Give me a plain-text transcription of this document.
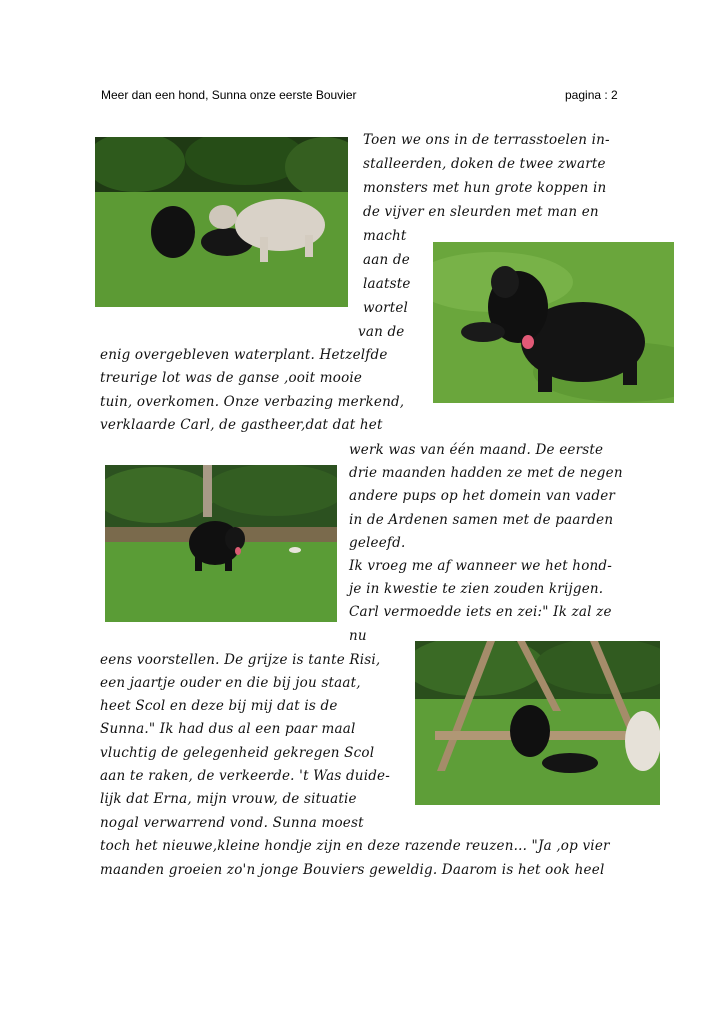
Meer dan een hond, Sunna onze eerste Bouvier	pagina : 2
Toen we ons in de terrasstoelen in-
stalleerden, doken de twee zwarte
monsters met hun grote koppen in
de vijver en sleurden met man en
macht
aan de
laatste
wortel
van de
enig overgebleven waterplant. Hetzelfde
treurige lot was de ganse ,ooit mooie
tuin, overkomen. Onze verbazing merkend,
verklaarde Carl, de gastheer,dat dat het
werk was van één maand. De eerste
drie maanden hadden ze met de negen
andere pups op het domein van vader
in de Ardenen samen met de paarden
geleefd.
Ik vroeg me af wanneer we het hond-
je in kwestie te zien zouden krijgen.
Carl vermoedde iets en zei:" Ik zal ze
nu
eens voorstellen. De grijze is tante Risi,
een jaartje ouder en die bij jou staat,
heet Scol en deze bij mij dat is de
Sunna." Ik had dus al een paar maal
vluchtig de gelegenheid gekregen Scol
aan te raken, de verkeerde. 't Was duide-
lijk dat Erna, mijn vrouw, de situatie
nogal verwarrend vond. Sunna moest
toch het nieuwe,kleine hondje zijn en deze razende reuzen... "Ja ,op vier
maanden groeien zo'n jonge Bouviers geweldig. Daarom is het ook heel
